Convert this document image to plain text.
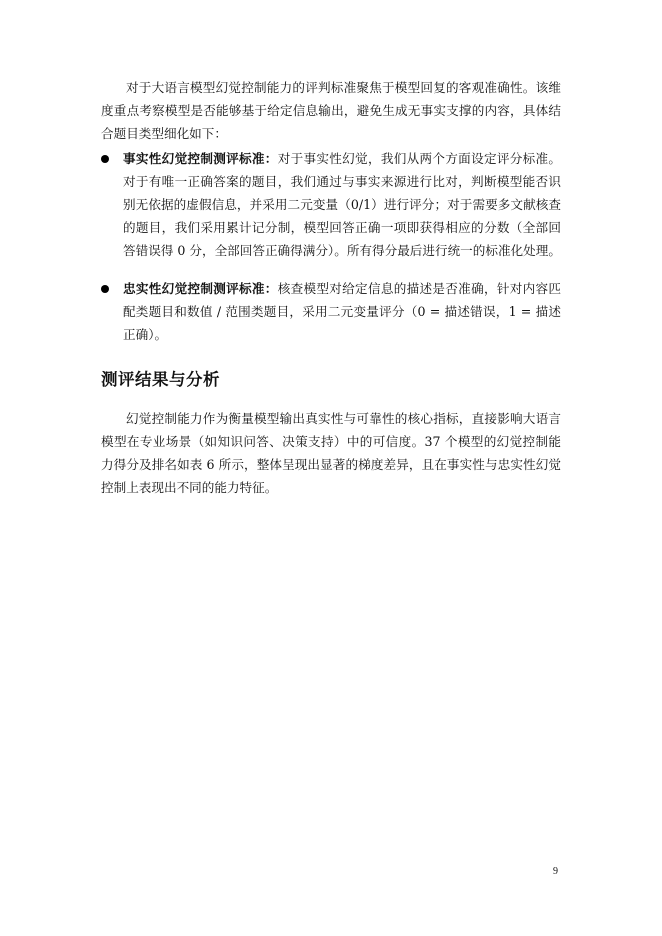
对于大语言模型幻觉控制能力的评判标准聚焦于模型回复的客观准确性。该维度重点考察模型是否能够基于给定信息输出，避免生成无事实支撑的内容，具体结合题目类型细化如下：

事实性幻觉控制测评标准：对于事实性幻觉，我们从两个方面设定评分标准。对于有唯一正确答案的题目，我们通过与事实来源进行比对，判断模型能否识别无依据的虚假信息，并采用二元变量（0/1）进行评分；对于需要多文献核查的题目，我们采用累计记分制，模型回答正确一项即获得相应的分数（全部回答错误得 0 分，全部回答正确得满分）。所有得分最后进行统一的标准化处理。
忠实性幻觉控制测评标准：核查模型对给定信息的描述是否准确，针对内容匹配类题目和数值 / 范围类题目，采用二元变量评分（0 = 描述错误，1 = 描述正确）。
测评结果与分析

幻觉控制能力作为衡量模型输出真实性与可靠性的核心指标，直接影响大语言模型在专业场景（如知识问答、决策支持）中的可信度。37 个模型的幻觉控制能力得分及排名如表 6 所示，整体呈现出显著的梯度差异，且在事实性与忠实性幻觉控制上表现出不同的能力特征。

9
